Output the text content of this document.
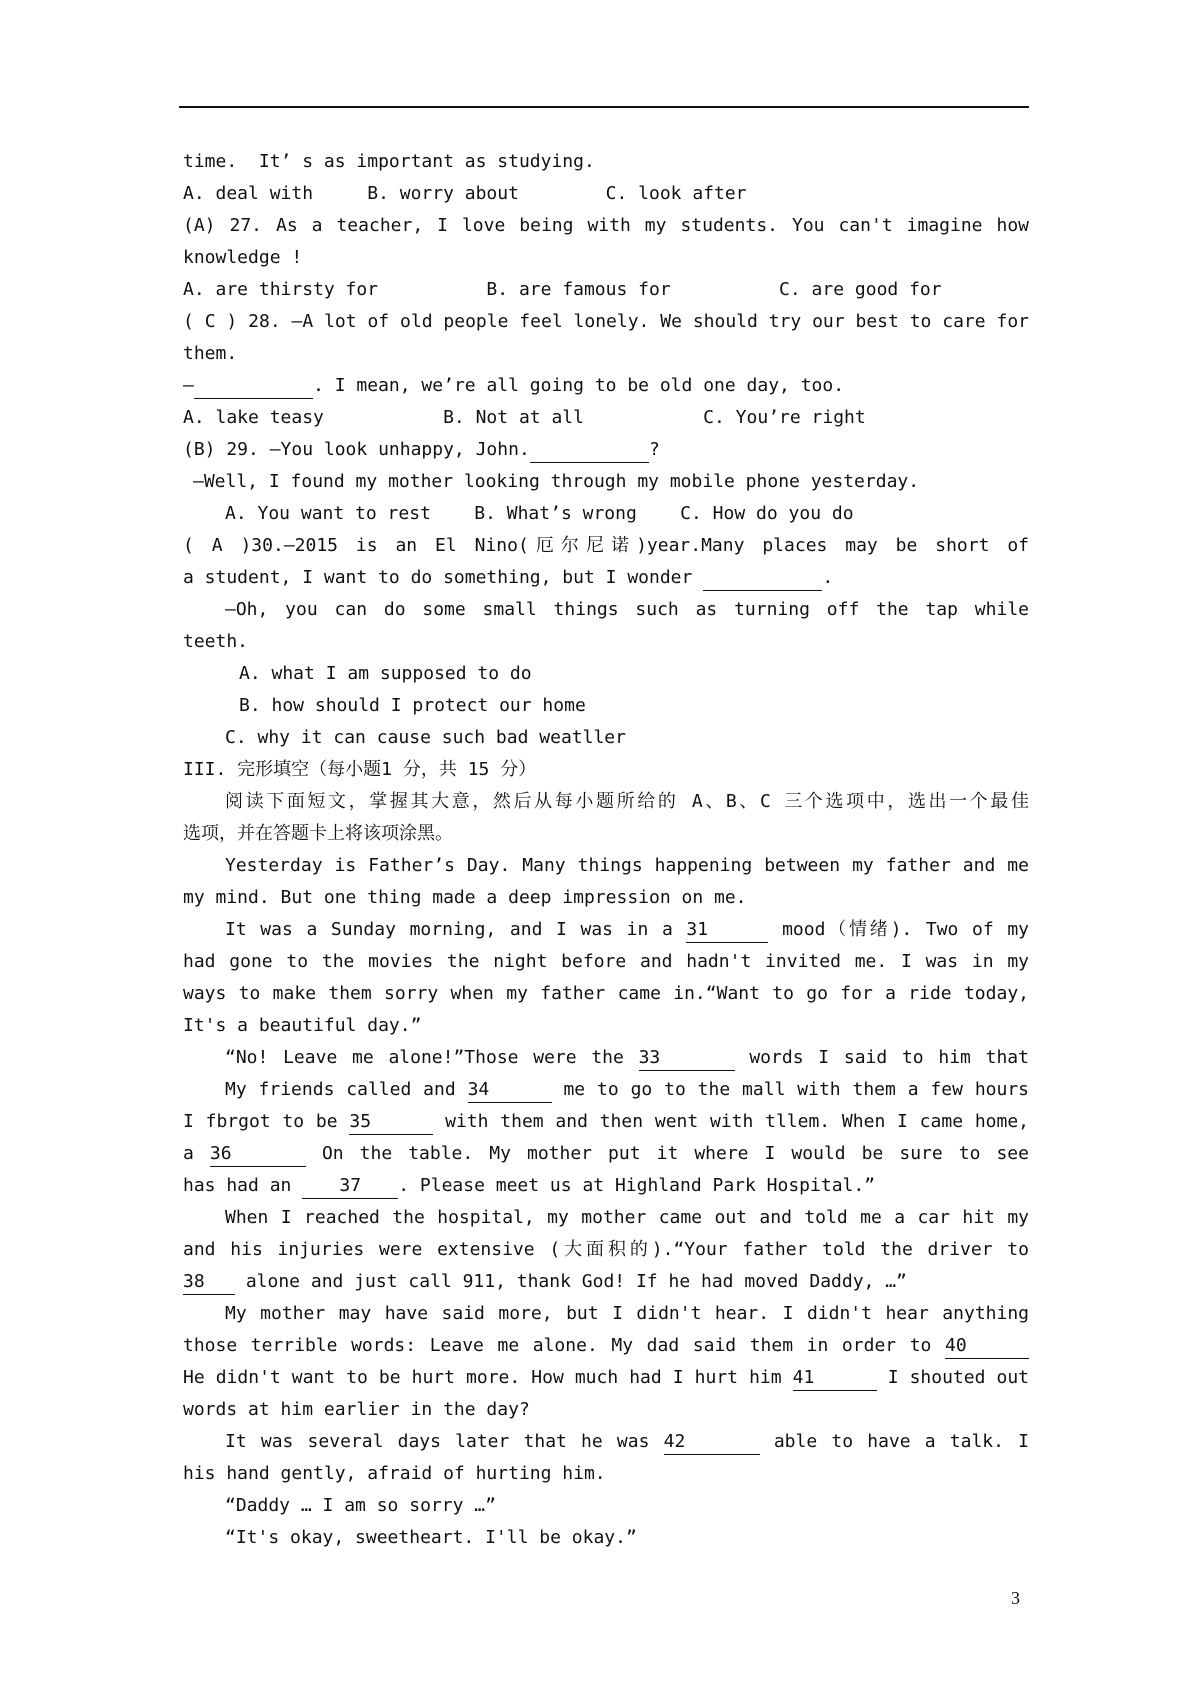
time.  It’ s as important as studying.
A. deal with     B. worry about        C. look after
(A) 27. As a teacher, I love being with my students. You can't imagine how
knowledge !
A. are thirsty for          B. are famous for          C. are good for
( C ) 28. —A lot of old people feel lonely. We should try our best to care for
them.
—	. I mean, we’re all going to be old one day, too.
A. lake teasy           B. Not at all           C. You’re right
(B) 29. —You look unhappy, John.	?
—Well, I found my mother looking through my mobile phone yesterday.
A. You want to rest    B. What’s wrong    C. How do you do
( A )30.—2015 is an El Nino(厄尔尼诺)year.Many places may be short of
a student, I want to do something, but I wonder	.
—Oh, you can do some small things such as turning off the tap while
teeth.
A. what I am supposed to do
B. how should I protect our home
C. why it can cause such bad weatller
III. 完形填空（每小题1 分，共 15 分）
阅读下面短文，掌握其大意，然后从每小题所给的 A、B、C 三个选项中，选出一个最佳
选项，并在答题卡上将该项涂黑。
Yesterday is Father’s Day. Many things happening between my father and me
my mind. But one thing made a deep impression on me.
It was a Sunday morning, and I was in a 31	mood（情绪). Two of my
had gone to the movies the night before and hadn't invited me. I was in my
ways to make them sorry when my father came in.“Want to go for a ride today,
It's a beautiful day.”
“No! Leave me alone!”Those were the 33	words I said to him that
My friends called and 34	me to go to the mall with them a few hours
I fbrgot to be 35	with them and then went with tllem. When I came home,
a 36	On the table. My mother put it where I would be sure to see
has had an 37 . Please meet us at Highland Park Hospital.”
When I reached the hospital, my mother came out and told me a car hit my
and his injuries were extensive (大面积的).“Your father told the driver to
38 alone and just call 911, thank God! If he had moved Daddy, …”
My mother may have said more, but I didn't hear. I didn't hear anything
those terrible words: Leave me alone. My dad said them in order to 40
He didn't want to be hurt more. How much had I hurt him 41	I shouted out
words at him earlier in the day?
It was several days later that he was 42	able to have a talk. I
his hand gently, afraid of hurting him.
“Daddy … I am so sorry …”
“It's okay, sweetheart. I'll be okay.”
3
